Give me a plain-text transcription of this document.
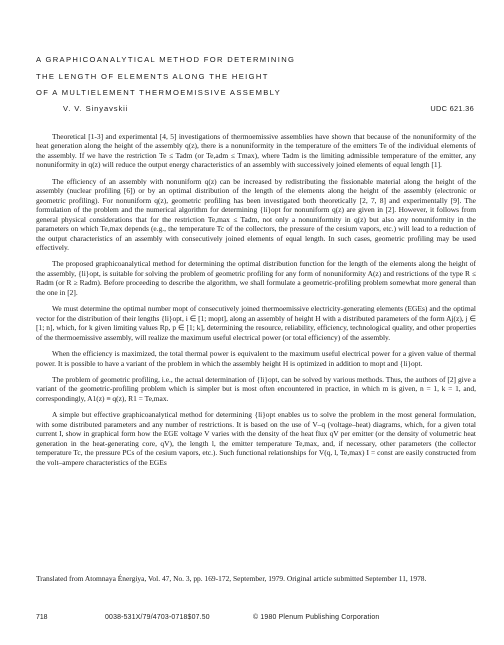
A GRAPHICOANALYTICAL METHOD FOR DETERMINING
THE LENGTH OF ELEMENTS ALONG THE HEIGHT
OF A MULTIELEMENT THERMOEMISSIVE ASSEMBLY
V. V. Sinyavskii	UDC 621.36

Theoretical [1-3] and experimental [4, 5] investigations of thermoemissive assemblies have shown that because of the nonuniformity of the heat generation along the height of the assembly q(z), there is a nonuniformity in the temperature of the emitters Te of the individual elements of the assembly. If we have the restriction Te ≤ Tadm (or Te,adm ≤ Tmax), where Tadm is the limiting admissible temperature of the emitter, any nonuniformity in q(z) will reduce the output energy characteristics of an assembly with successively joined elements of equal length [1].

The efficiency of an assembly with nonuniform q(z) can be increased by redistributing the fissionable material along the height of the assembly (nuclear profiling [6]) or by an optimal distribution of the length of the elements along the height of the assembly (electronic or geometric profiling). For nonuniform q(z), geometric profiling has been investigated both theoretically [2, 7, 8] and experimentally [9]. The formulation of the problem and the numerical algorithm for determining {li}opt for nonuniform q(z) are given in [2]. However, it follows from general physical considerations that for the restriction Te,max ≤ Tadm, not only a nonuniformity in q(z) but also any nonuniformity in the parameters on which Te,max depends (e.g., the temperature Tc of the collectors, the pressure of the cesium vapors, etc.) will lead to a reduction of the output characteristics of an assembly with consecutively joined elements of equal length. In such cases, geometric profiling may be used effectively.

The proposed graphicoanalytical method for determining the optimal distribution function for the length of the elements along the height of the assembly, {li}opt, is suitable for solving the problem of geometric profiling for any form of nonuniformity A(z) and restrictions of the type R ≤ Radm (or R ≥ Radm). Before proceeding to describe the algorithm, we shall formulate a geometric-profiling problem somewhat more general than the one in [2].

We must determine the optimal number mopt of consecutively joined thermoemissive electricity-generating elements (EGEs) and the optimal vector for the distribution of their lengths {li}opt, i ∈ [1; mopt], along an assembly of height H with a distributed parameters of the form Aj(z), j ∈ [1; n], which, for k given limiting values Rp, p ∈ [1; k], determining the resource, reliability, efficiency, technological quality, and other properties of the thermoemissive assembly, will realize the maximum useful electrical power (or total efficiency) of the assembly.

When the efficiency is maximized, the total thermal power is equivalent to the maximum useful electrical power for a given value of thermal power. It is possible to have a variant of the problem in which the assembly height H is optimized in addition to mopt and {li}opt.

The problem of geometric profiling, i.e., the actual determination of {li}opt, can be solved by various methods. Thus, the authors of [2] give a variant of the geometric-profiling problem which is simpler but is most often encountered in practice, in which m is given, n = 1, k = 1, and, correspondingly, A1(z) ≡ q(z), R1 = Te,max.

A simple but effective graphicoanalytical method for determining {li}opt enables us to solve the problem in the most general formulation, with some distributed parameters and any number of restrictions. It is based on the use of V–q (voltage–heat) diagrams, which, for a given total current I, show in graphical form how the EGE voltage V varies with the density of the heat flux qV per emitter (or the density of volumetric heat generation in the heat-generating core, qV), the length l, the emitter temperature Te,max, and, if necessary, other parameters (the collector temperature Tc, the pressure PCs of the cesium vapors, etc.). Such functional relationships for V(q, l, Te,max) I = const are easily constructed from the volt–ampere characteristics of the EGEs

Translated from Atomnaya Énergiya, Vol. 47, No. 3, pp. 169-172, September, 1979. Original article submitted September 11, 1978.
718	0038-531X/79/4703-0718$07.50	© 1980 Plenum Publishing Corporation
